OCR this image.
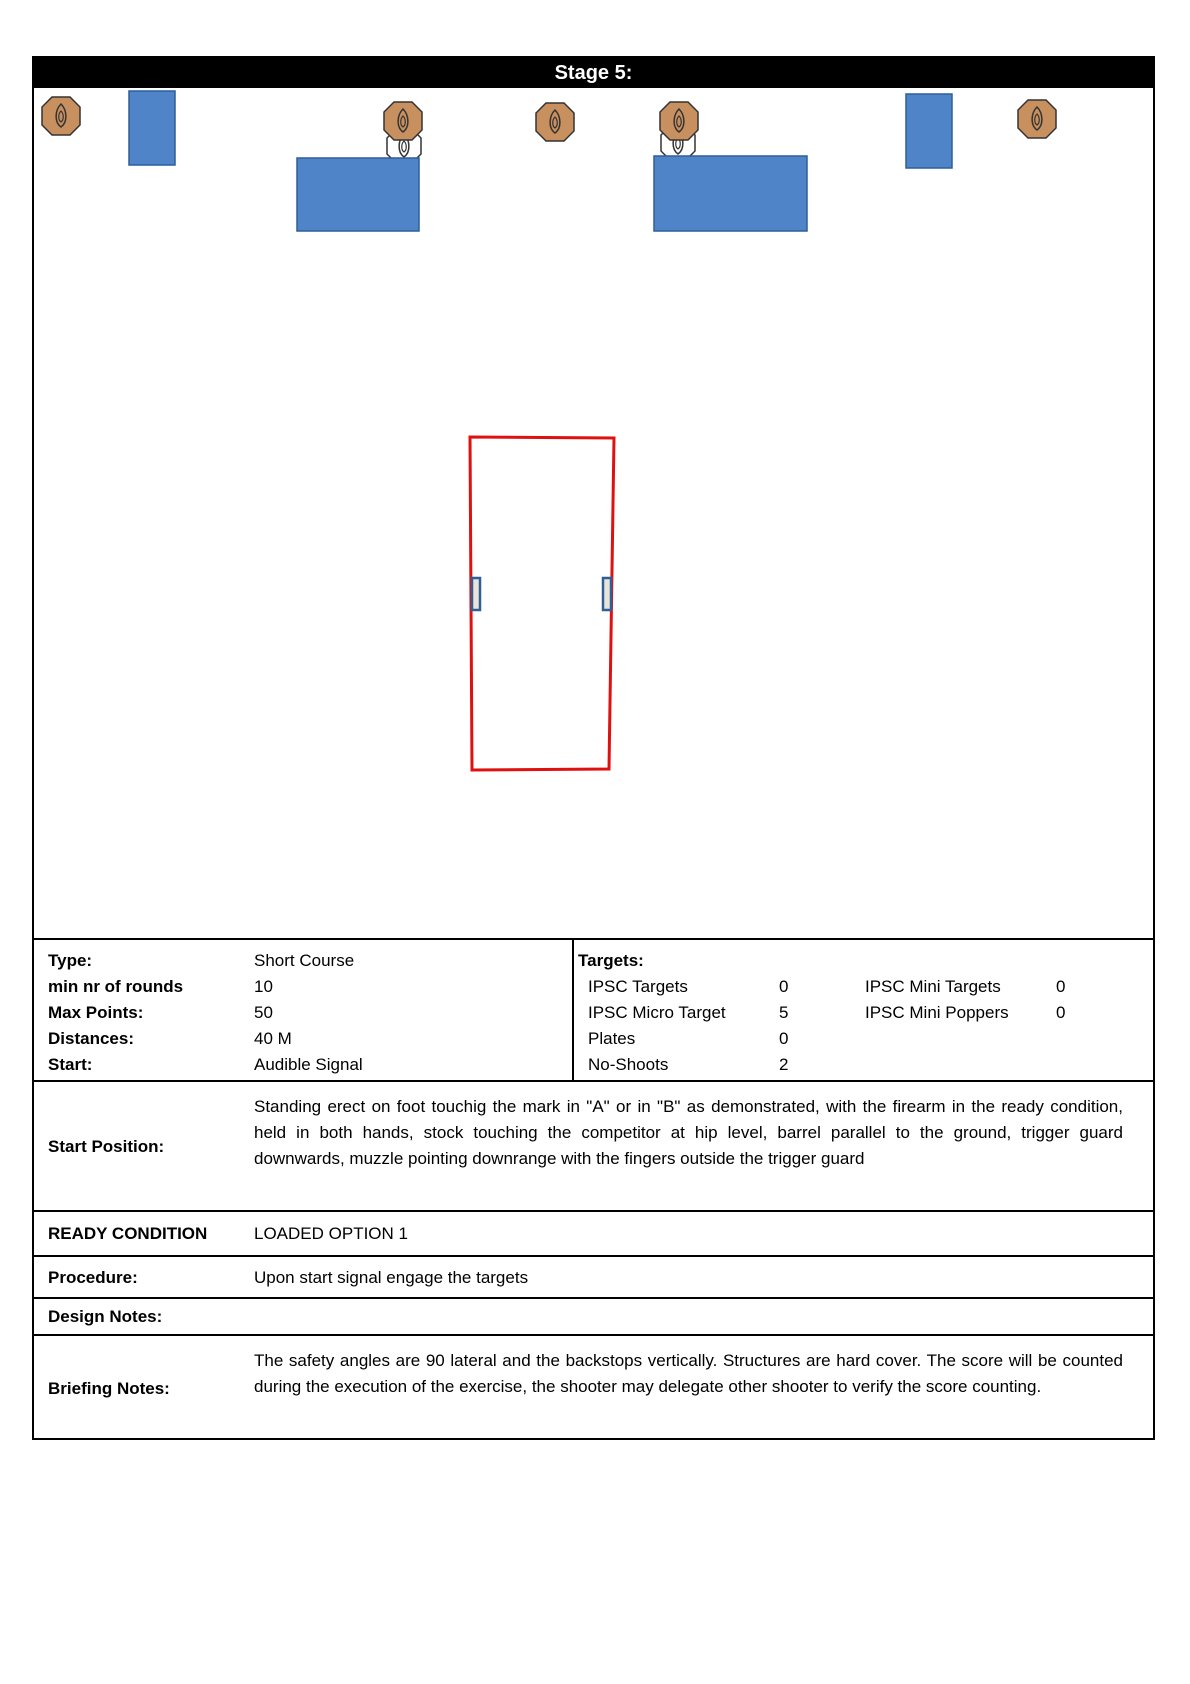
Stage 5:
Type:
min nr of rounds
Max Points:
Distances:
Start:
Short Course
10
50
40 M
Audible Signal
Targets:
IPSC Targets
IPSC Micro Target
Plates
No-Shoots
0
5
0
2
IPSC Mini Targets
IPSC Mini Poppers
0
0
Start Position:
Standing erect on foot touchig the mark in "A" or in "B" as demonstrated, with the firearm in the ready condition, held in both hands, stock touching the competitor at hip level, barrel parallel to the ground, trigger guard downwards, muzzle pointing downrange with the fingers outside the trigger guard
READY CONDITION	LOADED OPTION 1
Procedure:	Upon start signal engage the targets
Design Notes:
Briefing Notes:
The safety angles are 90 lateral and the backstops vertically. Structures are hard cover. The score will be counted during the execution of the exercise, the shooter may delegate other shooter to verify the score counting.
